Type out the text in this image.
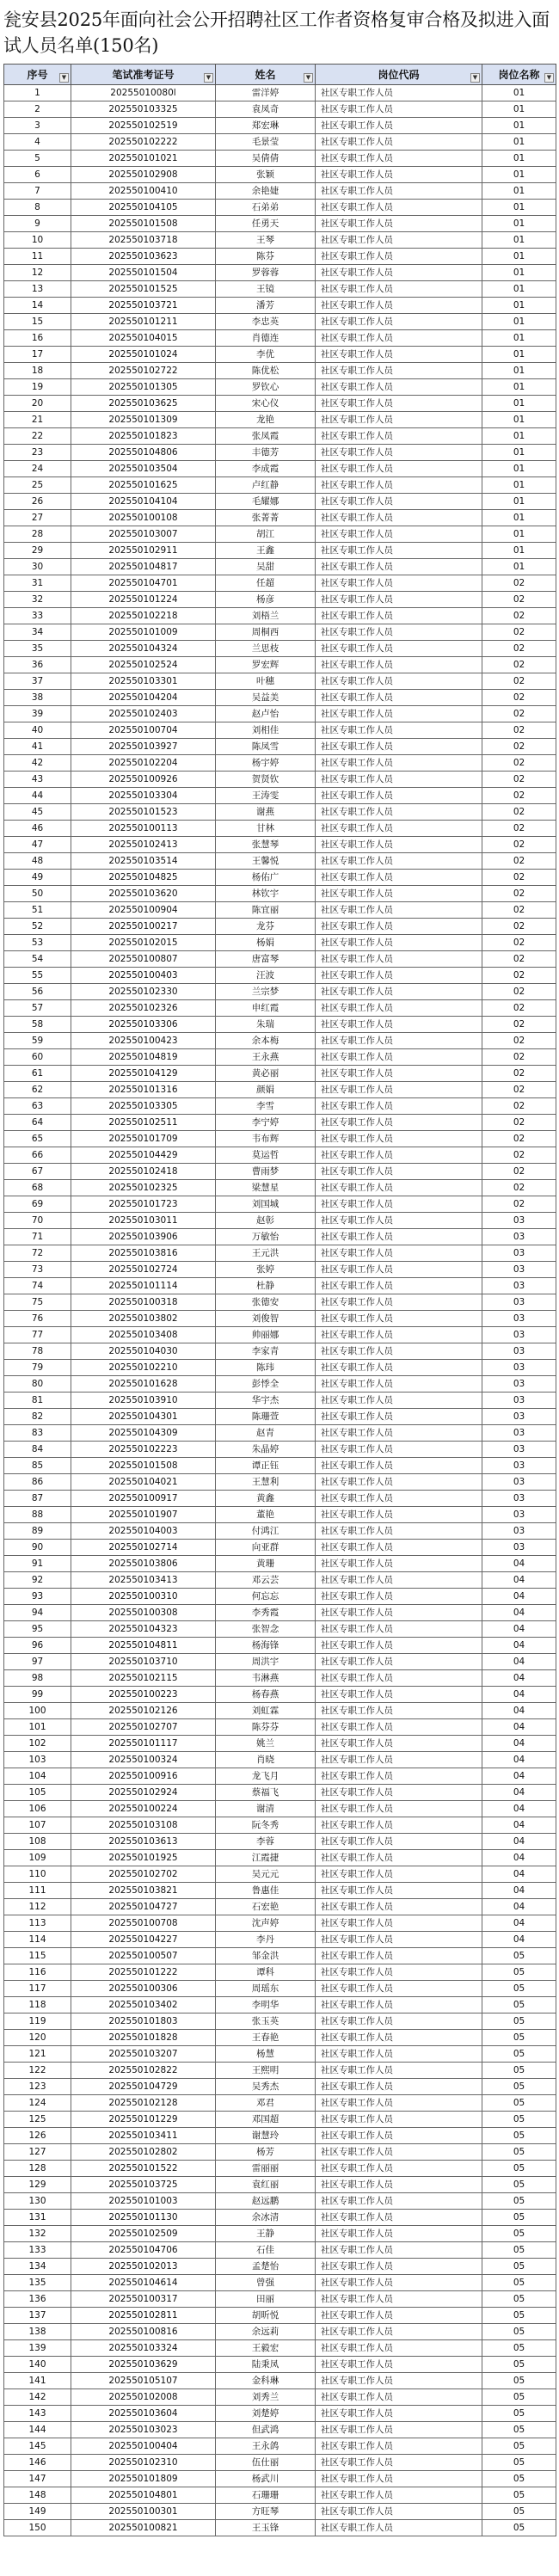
瓮安县2025年面向社会公开招聘社区工作者资格复审合格及拟进入面试人员名单(150名)
序号 ▼	笔试准考证号 ▼	姓名 ▼	岗位代码 ▼	岗位名称 ▼

1	20255010080l	雷洋婷	社区专职工作人员	01
2	202550103325	袁凤奇	社区专职工作人员	01
3	202550102519	郑宏琳	社区专职工作人员	01
4	202550102222	毛景莹	社区专职工作人员	01
5	202550101021	吴倩倩	社区专职工作人员	01
6	202550102908	张颖	社区专职工作人员	01
7	202550100410	余艳婕	社区专职工作人员	01
8	202550104105	石弟弟	社区专职工作人员	01
9	202550101508	任勇天	社区专职工作人员	01
10	202550103718	王琴	社区专职工作人员	01
11	202550103623	陈芬	社区专职工作人员	01
12	202550101504	罗蓉蓉	社区专职工作人员	01
13	202550101525	王镜	社区专职工作人员	01
14	202550103721	潘芳	社区专职工作人员	01
15	202550101211	李忠英	社区专职工作人员	01
16	202550104015	肖德连	社区专职工作人员	01
17	202550101024	李优	社区专职工作人员	01
18	202550102722	陈优松	社区专职工作人员	01
19	202550101305	罗钦心	社区专职工作人员	01
20	202550103625	宋心仪	社区专职工作人员	01
21	202550101309	龙艳	社区专职工作人员	01
22	202550101823	张凤霞	社区专职工作人员	01
23	202550104806	丰德芳	社区专职工作人员	01
24	202550103504	李成霞	社区专职工作人员	01
25	202550101625	卢红静	社区专职工作人员	01
26	202550104104	毛耀娜	社区专职工作人员	01
27	202550100108	张菁菁	社区专职工作人员	01
28	202550103007	胡江	社区专职工作人员	01
29	202550102911	王鑫	社区专职工作人员	01
30	202550104817	吴甜	社区专职工作人员	01
31	202550104701	任超	社区专职工作人员	02
32	202550101224	杨彦	社区专职工作人员	02
33	202550102218	刘梧兰	社区专职工作人员	02
34	202550101009	周桐西	社区专职工作人员	02
35	202550104324	兰思枝	社区专职工作人员	02
36	202550102524	罗宏辉	社区专职工作人员	02
37	202550103301	叶穗	社区专职工作人员	02
38	202550104204	吴益美	社区专职工作人员	02
39	202550102403	赵卢怡	社区专职工作人员	02
40	202550100704	刘相佳	社区专职工作人员	02
41	202550103927	陈凤雪	社区专职工作人员	02
42	202550102204	杨宇婷	社区专职工作人员	02
43	202550100926	贺贤钦	社区专职工作人员	02
44	202550103304	王涛雯	社区专职工作人员	02
45	202550101523	谢燕	社区专职工作人员	02
46	202550100113	甘林	社区专职工作人员	02
47	202550102413	张慧琴	社区专职工作人员	02
48	202550103514	王馨悦	社区专职工作人员	02
49	202550104825	杨佑广	社区专职工作人员	02
50	202550103620	林钦宇	社区专职工作人员	02
51	202550100904	陈宜丽	社区专职工作人员	02
52	202550100217	龙芬	社区专职工作人员	02
53	202550102015	杨娟	社区专职工作人员	02
54	202550100807	唐富琴	社区专职工作人员	02
55	202550100403	汪波	社区专职工作人员	02
56	202550102330	兰宗梦	社区专职工作人员	02
57	202550102326	申红霞	社区专职工作人员	02
58	202550103306	朱瑞	社区专职工作人员	02
59	202550100423	余本梅	社区专职工作人员	02
60	202550104819	王永燕	社区专职工作人员	02
61	202550104129	黄必丽	社区专职工作人员	02
62	202550101316	颜娟	社区专职工作人员	02
63	202550103305	李雪	社区专职工作人员	02
64	202550102511	李宁婷	社区专职工作人员	02
65	202550101709	韦布辉	社区专职工作人员	02
66	202550104429	莫运哲	社区专职工作人员	02
67	202550102418	曹雨梦	社区专职工作人员	02
68	202550102325	梁慧星	社区专职工作人员	02
69	202550101723	刘国城	社区专职工作人员	02
70	202550103011	赵彰	社区专职工作人员	03
71	202550103906	万敏怡	社区专职工作人员	03
72	202550103816	王元洪	社区专职工作人员	03
73	202550102724	张婷	社区专职工作人员	03
74	202550101114	杜静	社区专职工作人员	03
75	202550100318	张德安	社区专职工作人员	03
76	202550103802	刘俊智	社区专职工作人员	03
77	202550103408	帅丽娜	社区专职工作人员	03
78	202550104030	李家青	社区专职工作人员	03
79	202550102210	陈玮	社区专职工作人员	03
80	202550101628	彭悸全	社区专职工作人员	03
81	202550103910	华宇杰	社区专职工作人员	03
82	202550104301	陈珊萱	社区专职工作人员	03
83	202550104309	赵青	社区专职工作人员	03
84	202550102223	朱晶婷	社区专职工作人员	03
85	202550101508	谭正钰	社区专职工作人员	03
86	202550104021	王慧利	社区专职工作人员	03
87	202550100917	黄鑫	社区专职工作人员	03
88	202550101907	董艳	社区专职工作人员	03
89	202550104003	付鸿江	社区专职工作人员	03
90	202550102714	向亚群	社区专职工作人员	03
91	202550103806	黄珊	社区专职工作人员	04
92	202550103413	邓云芸	社区专职工作人员	04
93	202550100310	何忘忘	社区专职工作人员	04
94	202550100308	李秀霞	社区专职工作人员	04
95	202550104323	张智念	社区专职工作人员	04
96	202550104811	杨海锋	社区专职工作人员	04
97	202550103710	周洪宇	社区专职工作人员	04
98	202550102115	韦淋燕	社区专职工作人员	04
99	202550100223	杨春燕	社区专职工作人员	04
100	202550102126	刘虹霖	社区专职工作人员	04
101	202550102707	陈芬芬	社区专职工作人员	04
102	202550101117	姚兰	社区专职工作人员	04
103	202550100324	肖晓	社区专职工作人员	04
104	202550100916	龙飞月	社区专职工作人员	04
105	202550102924	蔡福飞	社区专职工作人员	04
106	202550100224	谢清	社区专职工作人员	04
107	202550103108	阮冬秀	社区专职工作人员	04
108	202550103613	李蓉	社区专职工作人员	04
109	202550101925	江霞捷	社区专职工作人员	04
110	202550102702	吴元元	社区专职工作人员	04
111	202550103821	鲁惠佳	社区专职工作人员	04
112	202550104727	石宏艳	社区专职工作人员	04
113	202550100708	沈声婷	社区专职工作人员	04
114	202550104227	李丹	社区专职工作人员	04
115	202550100507	邹金洪	社区专职工作人员	05
116	202550101222	谭科	社区专职工作人员	05
117	202550100306	周瑶东	社区专职工作人员	05
118	202550103402	李明华	社区专职工作人员	05
119	202550101803	张玉英	社区专职工作人员	05
120	202550101828	王春艳	社区专职工作人员	05
121	202550103207	杨慧	社区专职工作人员	05
122	202550102822	王熙明	社区专职工作人员	05
123	202550104729	吴秀杰	社区专职工作人员	05
124	202550102128	邓君	社区专职工作人员	05
125	202550101229	邓国超	社区专职工作人员	05
126	202550103411	谢慧玲	社区专职工作人员	05
127	202550102802	杨芳	社区专职工作人员	05
128	202550101522	雷丽丽	社区专职工作人员	05
129	202550103725	袁红丽	社区专职工作人员	05
130	202550101003	赵远鹏	社区专职工作人员	05
131	202550101130	余冰清	社区专职工作人员	05
132	202550102509	王静	社区专职工作人员	05
133	202550104706	石佳	社区专职工作人员	05
134	202550102013	孟楚怡	社区专职工作人员	05
135	202550104614	曾强	社区专职工作人员	05
136	202550100317	田丽	社区专职工作人员	05
137	202550102811	胡昕悦	社区专职工作人员	05
138	202550100816	余远莉	社区专职工作人员	05
139	202550103324	王毅宏	社区专职工作人员	05
140	202550103629	陆秉凤	社区专职工作人员	05
141	202550105107	金科琳	社区专职工作人员	05
142	202550102008	刘秀兰	社区专职工作人员	05
143	202550103604	刘楚婷	社区专职工作人员	05
144	202550103023	但武鸿	社区专职工作人员	05
145	202550100404	王永鸽	社区专职工作人员	05
146	202550102310	伍仕丽	社区专职工作人员	05
147	202550101809	杨武川	社区专职工作人员	05
148	202550104801	石珊珊	社区专职工作人员	05
149	202550100301	方旺琴	社区专职工作人员	05
150	202550100821	王玉锋	社区专职工作人员	05
